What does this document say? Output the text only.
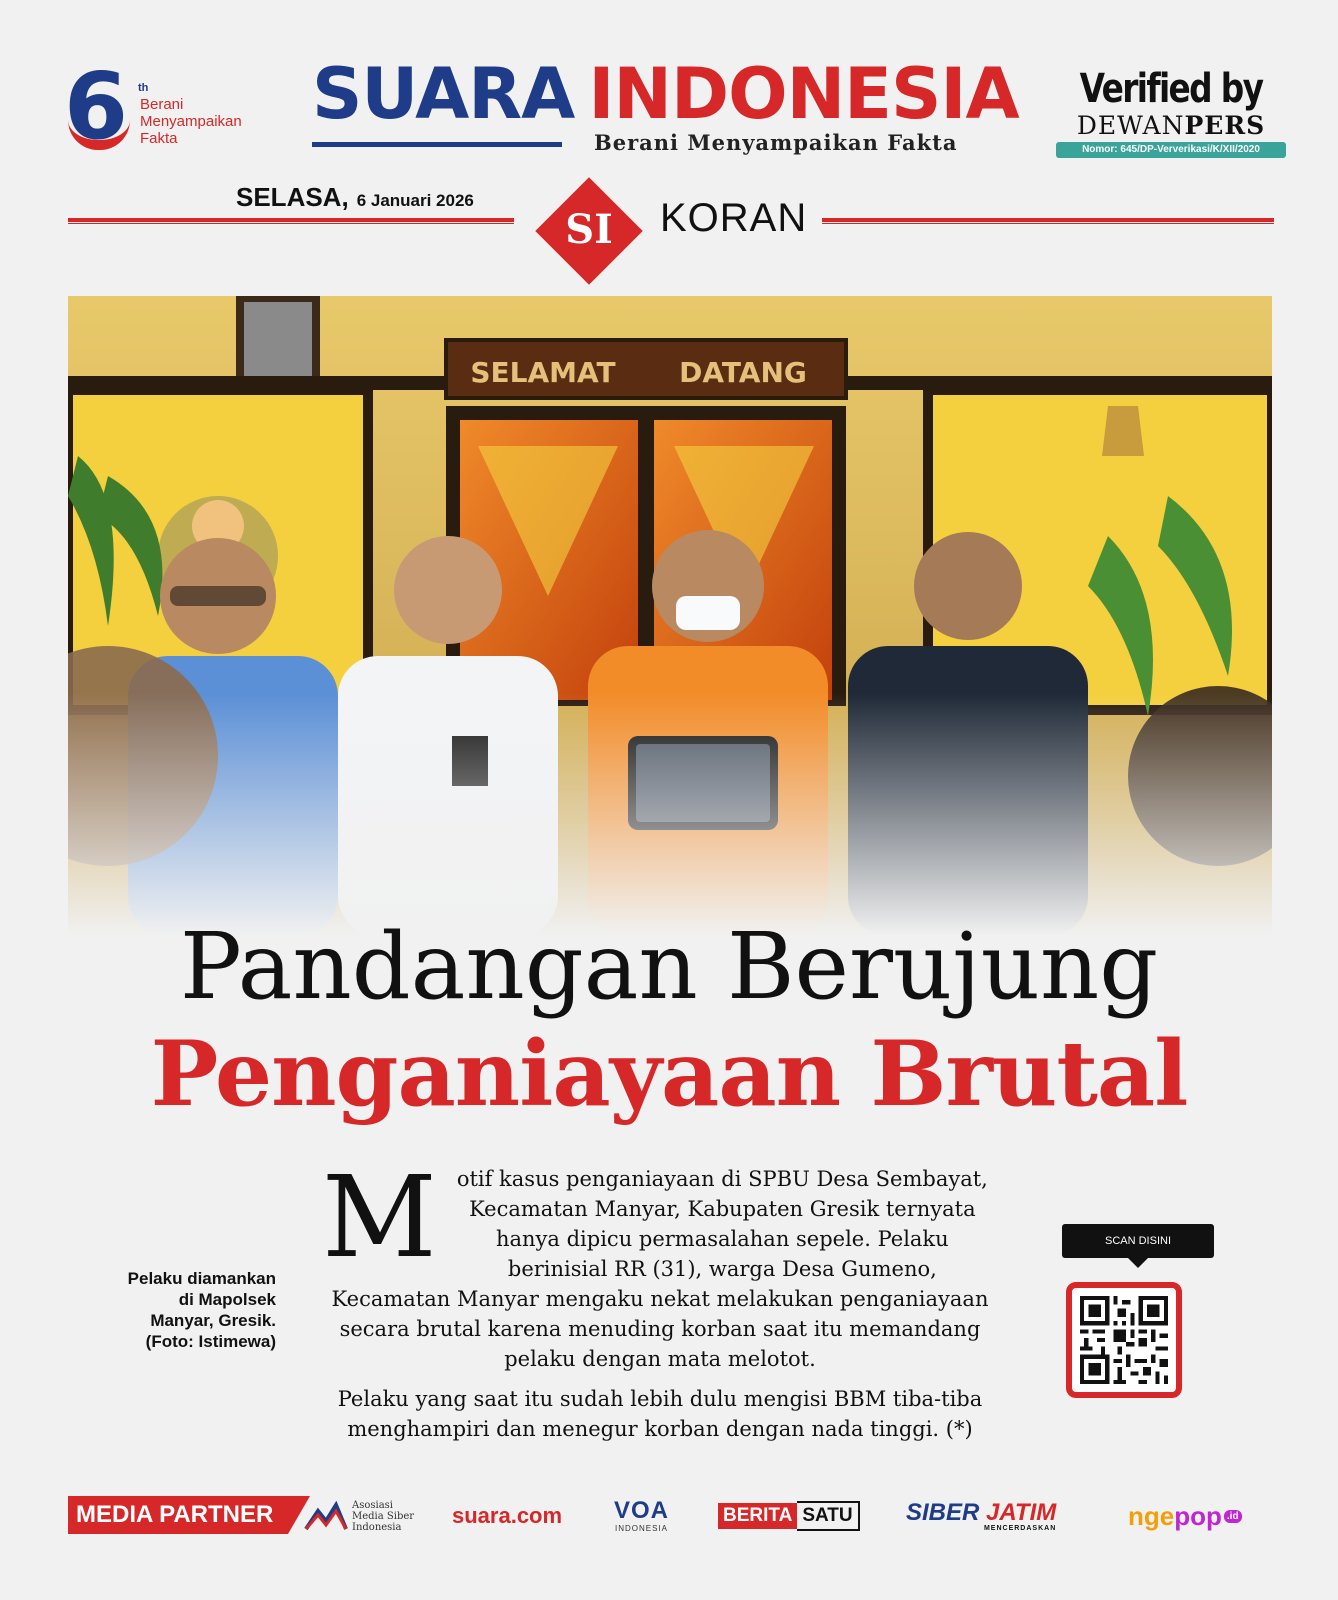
6 th
Berani
Menyampaikan
Fakta
SUARA INDONESIA
Berani Menyampaikan Fakta
Verified by
DEWANPERS
Nomor: 645/DP-Ververikasi/K/XII/2020
SELASA, 6 Januari 2026
SI	KORAN
Pandangan Berujung
Penganiayaan Brutal
Pelaku diamankan
di Mapolsek
Manyar, Gresik.
(Foto: Istimewa)

Motif kasus penganiayaan di SPBU Desa Sembayat, Kecamatan Manyar, Kabupaten Gresik ternyata hanya dipicu permasalahan sepele. Pelaku berinisial RR (31), warga Desa Gumeno, Kecamatan Manyar mengaku nekat melakukan penganiayaan secara brutal karena menuding korban saat itu memandang pelaku dengan mata melotot.

Pelaku yang saat itu sudah lebih dulu mengisi BBM tiba-tiba menghampiri dan menegur korban dengan nada tinggi. (*)

SCAN DISINI
MEDIA PARTNER	Asosiasi
Media Siber
Indonesia	suara.com VOA
INDONESIA
BERITA SATU SIBER JATIM
MENCERDASKAN	nge pop .id
